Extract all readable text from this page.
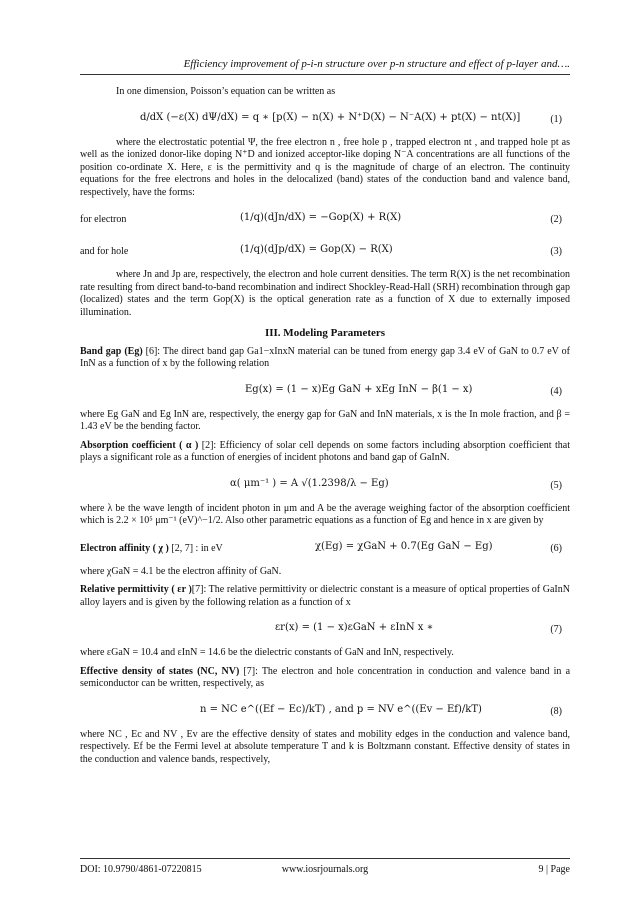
Efficiency improvement of p-i-n structure over p-n structure and effect of p-layer and….

In one dimension, Poisson’s equation can be written as

d/dX (−ε(X) dΨ/dX) = q ∗ [p(X) − n(X) + N⁺D(X) − N⁻A(X) + pt(X) − nt(X)]	(1)

where the electrostatic potential Ψ, the free electron n , free hole p , trapped electron nt , and trapped hole pt as well as the ionized donor-like doping N⁺D and ionized acceptor-like doping N⁻A concentrations are all functions of the position co-ordinate X. Here, ε is the permittivity and q is the magnitude of charge of an electron. The continuity equations for the free electrons and holes in the delocalized (band) states of the conduction band and valence band, respectively, have the forms:

for electron	(1/q)(dJn/dX) = −Gop(X) + R(X)	(2)
and for hole	(1/q)(dJp/dX) = Gop(X) − R(X)	(3)

where Jn and Jp are, respectively, the electron and hole current densities. The term R(X) is the net recombination rate resulting from direct band-to-band recombination and indirect Shockley-Read-Hall (SRH) recombination through gap (localized) states and the term Gop(X) is the optical generation rate as a function of X due to externally imposed illumination.

III. Modeling Parameters

Band gap (Eg) [6]: The direct band gap Ga1−xInxN material can be tuned from energy gap 3.4 eV of GaN to 0.7 eV of InN as a function of x by the following relation

Eg(x) = (1 − x)Eg GaN + xEg InN − β(1 − x)	(4)

where Eg GaN and Eg InN are, respectively, the energy gap for GaN and InN materials, x is the In mole fraction, and β = 1.43 eV be the bending factor.

Absorption coefficient ( α ) [2]: Efficiency of solar cell depends on some factors including absorption coefficient that plays a significant role as a function of energies of incident photons and band gap of GaInN.

α( μm⁻¹ ) = A √(1.2398/λ − Eg)	(5)

where λ be the wave length of incident photon in μm and A be the average weighing factor of the absorption coefficient which is 2.2 × 10⁵ μm⁻¹ (eV)^−1/2. Also other parametric equations as a function of Eg and hence in x are given by

Electron affinity ( χ ) [2, 7] : in eV	χ(Eg) = χGaN + 0.7(Eg GaN − Eg)	(6)

where χGaN = 4.1 be the electron affinity of GaN.

Relative permittivity ( εr )[7]: The relative permittivity or dielectric constant is a measure of optical properties of GaInN alloy layers and is given by the following relation as a function of x

εr(x) = (1 − x)εGaN + εInN x ∗	(7)

where εGaN = 10.4 and εInN = 14.6 be the dielectric constants of GaN and InN, respectively.

Effective density of states (NC, NV) [7]: The electron and hole concentration in conduction and valence band in a semiconductor can be written, respectively, as

n = NC e^((Ef − Ec)/kT) , and p = NV e^((Ev − Ef)/kT)	(8)

where NC , Ec and NV , Ev are the effective density of states and mobility edges in the conduction and valence band, respectively. Ef be the Fermi level at absolute temperature T and k is Boltzmann constant. Effective density of states in the conduction and valence bands, respectively,

DOI: 10.9790/4861-07220815	www.iosrjournals.org	9 | Page
